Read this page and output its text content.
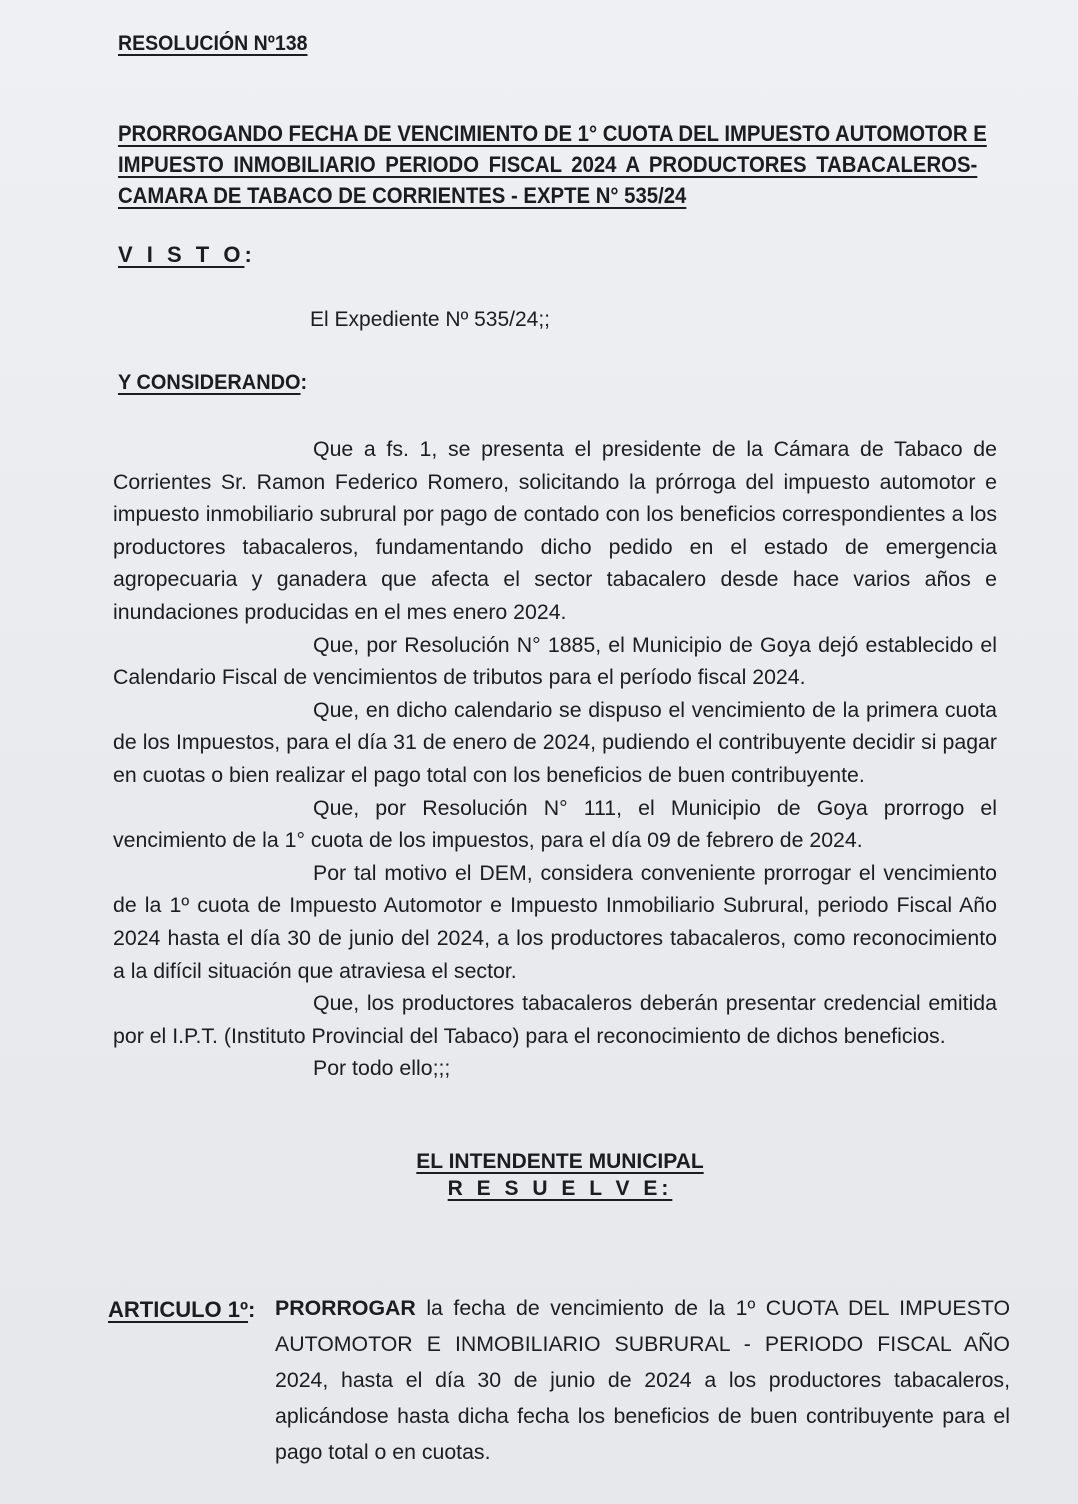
RESOLUCIÓN Nº138
PRORROGANDO FECHA DE VENCIMIENTO DE 1° CUOTA DEL IMPUESTO AUTOMOTOR E
IMPUESTO INMOBILIARIO PERIODO FISCAL 2024 A PRODUCTORES TABACALEROS-
CAMARA DE TABACO DE CORRIENTES - EXPTE N° 535/24
V I S T O:
El Expediente Nº 535/24;;
Y CONSIDERANDO:

Que a fs. 1, se presenta el presidente de la Cámara de Tabaco de Corrientes Sr. Ramon Federico Romero, solicitando la prórroga del impuesto automotor e impuesto inmobiliario subrural por pago de contado con los beneficios correspondientes a los productores tabacaleros, fundamentando dicho pedido en el estado de emergencia agropecuaria y ganadera que afecta el sector tabacalero desde hace varios años e inundaciones producidas en el mes enero 2024.

Que, por Resolución N° 1885, el Municipio de Goya dejó establecido el Calendario Fiscal de vencimientos de tributos para el período fiscal 2024.

Que, en dicho calendario se dispuso el vencimiento de la primera cuota de los Impuestos, para el día 31 de enero de 2024, pudiendo el contribuyente decidir si pagar en cuotas o bien realizar el pago total con los beneficios de buen contribuyente.

Que, por Resolución N° 111, el Municipio de Goya prorrogo el vencimiento de la 1° cuota de los impuestos, para el día 09 de febrero de 2024.

Por tal motivo el DEM, considera conveniente prorrogar el vencimiento de la 1º cuota de Impuesto Automotor e Impuesto Inmobiliario Subrural, periodo Fiscal Año 2024 hasta el día 30 de junio del 2024, a los productores tabacaleros, como reconocimiento a la difícil situación que atraviesa el sector.

Que, los productores tabacaleros deberán presentar credencial emitida por el I.P.T. (Instituto Provincial del Tabaco) para el reconocimiento de dichos beneficios.

Por todo ello;;;

EL INTENDENTE MUNICIPAL
R E S U E L V E:
ARTICULO 1º: PRORROGAR la fecha de vencimiento de la 1º CUOTA DEL IMPUESTO AUTOMOTOR E INMOBILIARIO SUBRURAL - PERIODO FISCAL AÑO 2024, hasta el día 30 de junio de 2024 a los productores tabacaleros, aplicándose hasta dicha fecha los beneficios de buen contribuyente para el pago total o en cuotas.
